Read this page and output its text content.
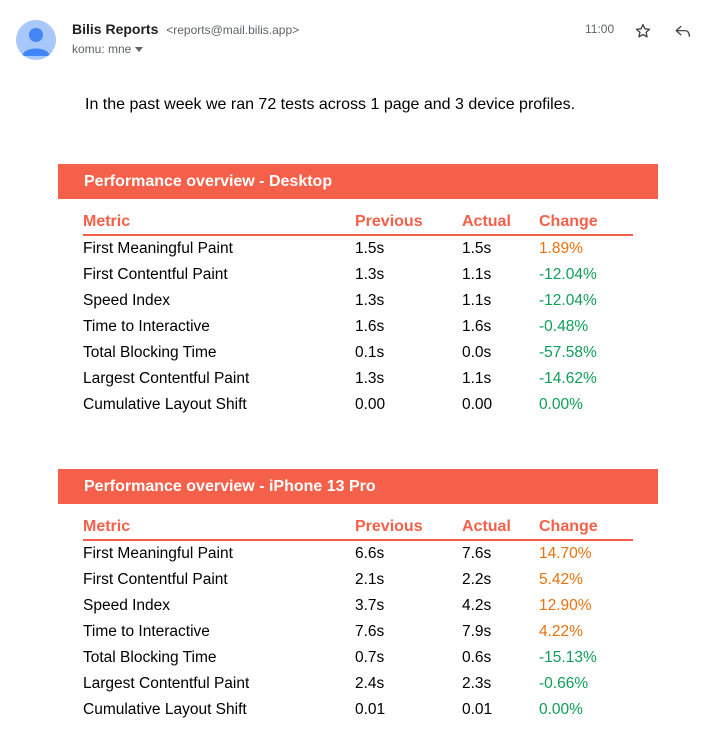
Bilis Reports <reports@mail.bilis.app>
komu: mne
11:00
In the past week we ran 72 tests across 1 page and 3 device profiles.
Performance overview - Desktop
Metric	Previous	Actual	Change
First Meaningful Paint	1.5s	1.5s	1.89%
First Contentful Paint	1.3s	1.1s	-12.04%
Speed Index	1.3s	1.1s	-12.04%
Time to Interactive	1.6s	1.6s	-0.48%
Total Blocking Time	0.1s	0.0s	-57.58%
Largest Contentful Paint	1.3s	1.1s	-14.62%
Cumulative Layout Shift	0.00	0.00	0.00%
Performance overview - iPhone 13 Pro
Metric	Previous	Actual	Change
First Meaningful Paint	6.6s	7.6s	14.70%
First Contentful Paint	2.1s	2.2s	5.42%
Speed Index	3.7s	4.2s	12.90%
Time to Interactive	7.6s	7.9s	4.22%
Total Blocking Time	0.7s	0.6s	-15.13%
Largest Contentful Paint	2.4s	2.3s	-0.66%
Cumulative Layout Shift	0.01	0.01	0.00%
